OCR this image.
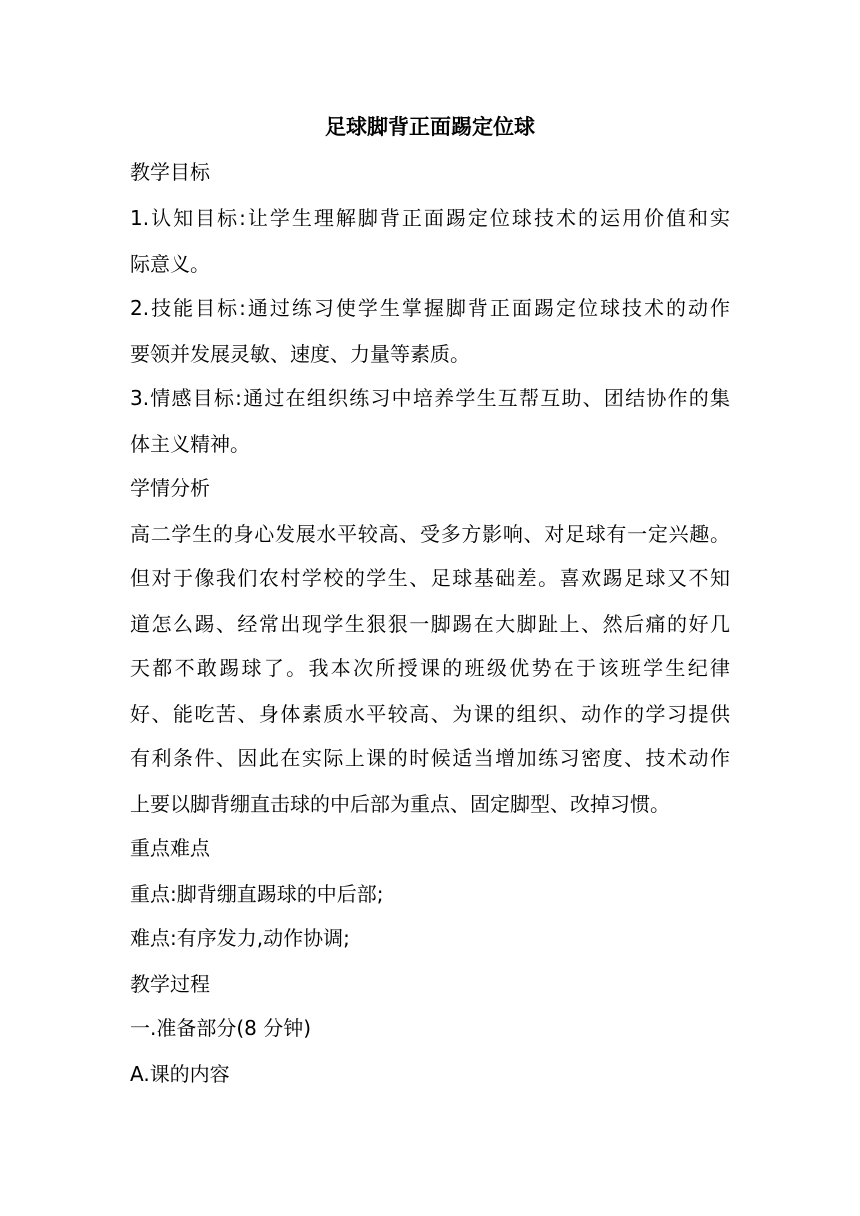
足球脚背正面踢定位球
教学目标
1.认知目标:让学生理解脚背正面踢定位球技术的运用价值和实
际意义。
2.技能目标:通过练习使学生掌握脚背正面踢定位球技术的动作
要领并发展灵敏、速度、力量等素质。
3.情感目标:通过在组织练习中培养学生互帮互助、团结协作的集
体主义精神。
学情分析
高二学生的身心发展水平较高、受多方影响、对足球有一定兴趣。
但对于像我们农村学校的学生、足球基础差。喜欢踢足球又不知
道怎么踢、经常出现学生狠狠一脚踢在大脚趾上、然后痛的好几
天都不敢踢球了。我本次所授课的班级优势在于该班学生纪律
好、能吃苦、身体素质水平较高、为课的组织、动作的学习提供
有利条件、因此在实际上课的时候适当增加练习密度、技术动作
上要以脚背绷直击球的中后部为重点、固定脚型、改掉习惯。
重点难点
重点:脚背绷直踢球的中后部;
难点:有序发力,动作协调;
教学过程
一.准备部分(8 分钟)
A.课的内容
